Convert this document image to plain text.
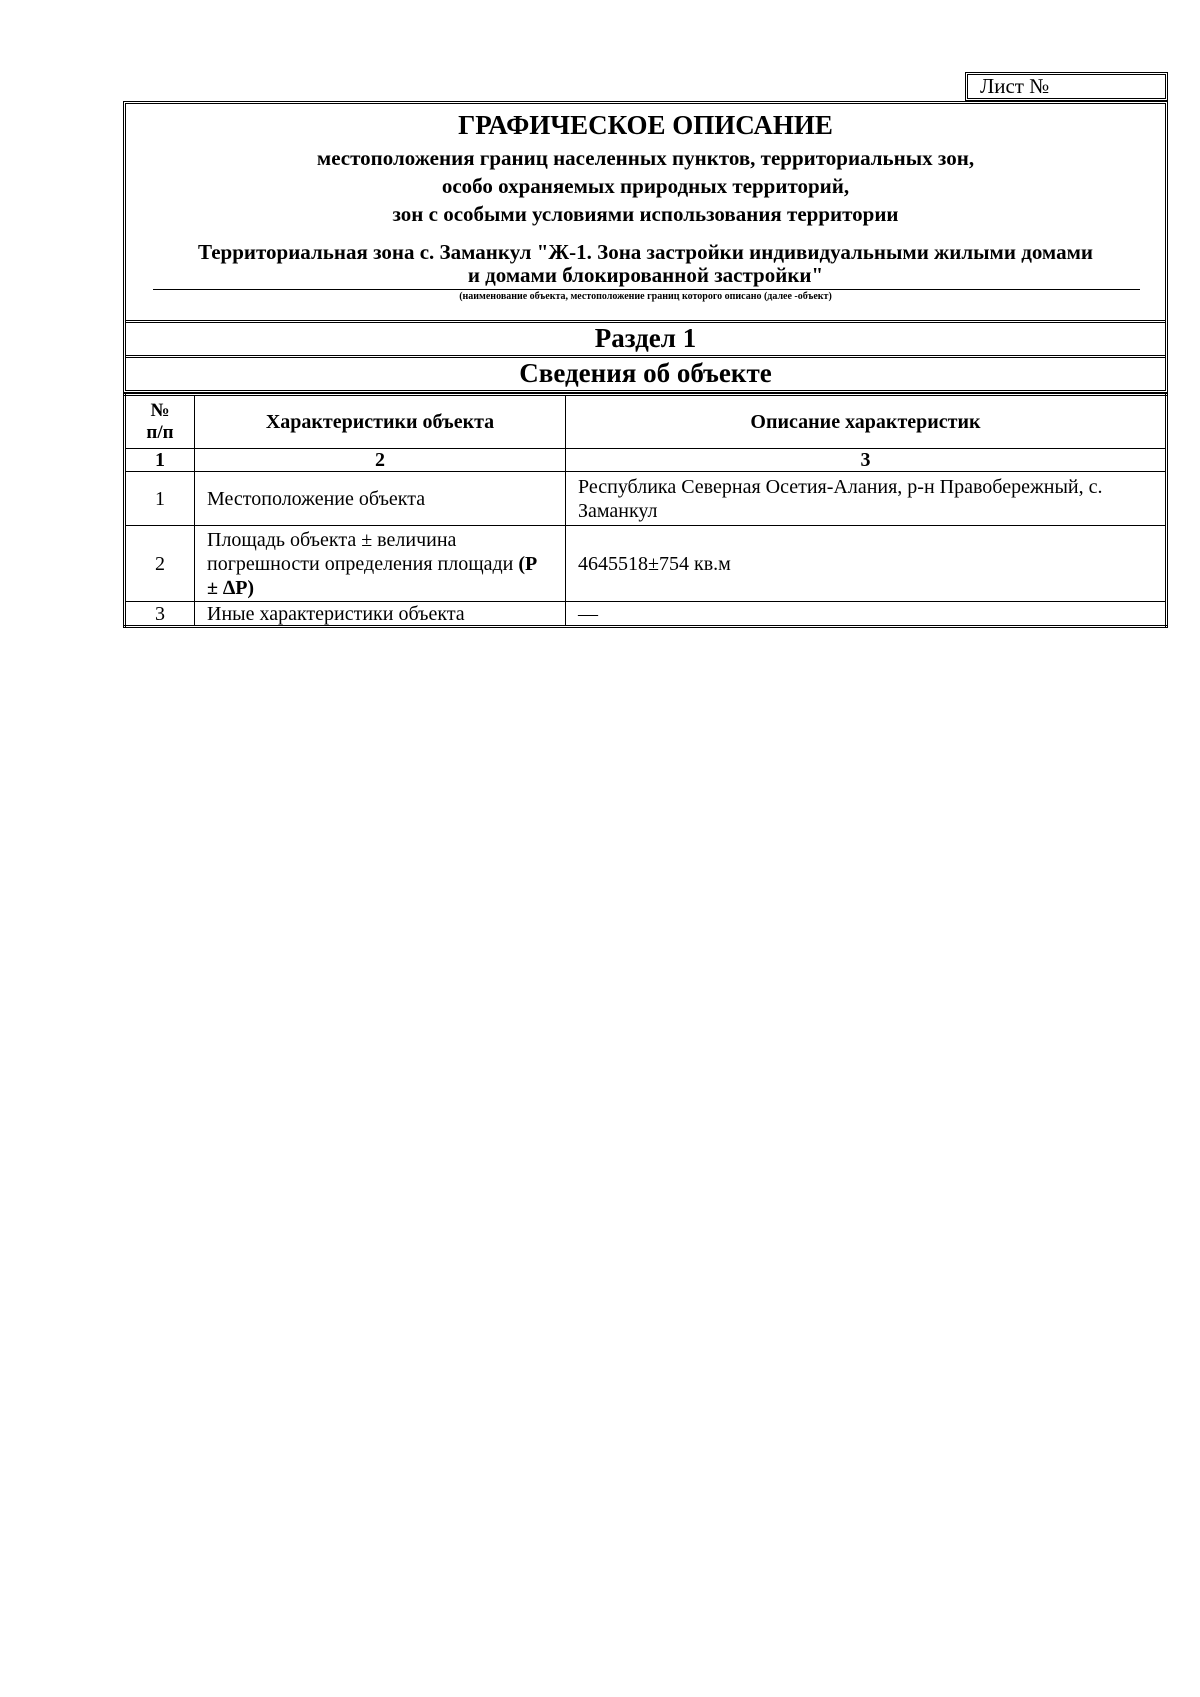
Лист №
ГРАФИЧЕСКОЕ ОПИСАНИЕ
местоположения границ населенных пунктов, территориальных зон,
особо охраняемых природных территорий,
зон с особыми условиями использования территории
Территориальная зона с. Заманкул "Ж-1. Зона застройки индивидуальными жилыми домами
и домами блокированной застройки"
(наименование объекта, местоположение границ которого описано (далее -объект)
Раздел 1
Сведения об объекте
№
п/п	Характеристики объекта	Описание характеристик
1	2	3
1	Местоположение объекта	Республика Северная Осетия-Алания, р-н Правобережный, с. Заманкул
2	Площадь объекта ± величина погрешности определения площади (Р ± ∆Р)	4645518±754 кв.м
3	Иные характеристики объекта	—
